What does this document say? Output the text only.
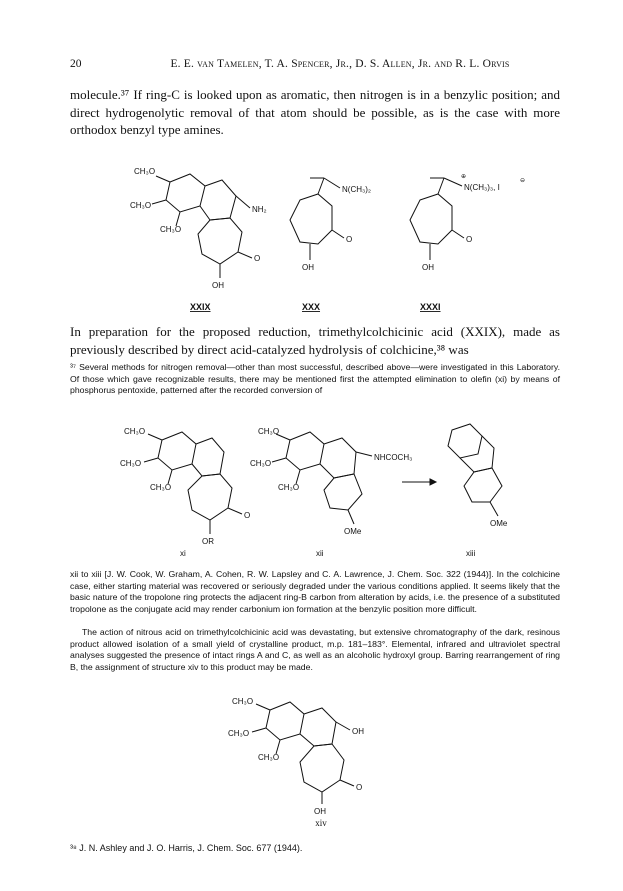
20	E. E. van Tamelen, T. A. Spencer, Jr., D. S. Allen, Jr. and R. L. Orvis
molecule.³⁷ If ring-C is looked upon as aromatic, then nitrogen is in a benzylic position; and direct hydrogenolytic removal of that atom should be possible, as is the case with more orthodox benzyl type amines.
CH₃O
CH₃O
CH₃O
NH₂
O
OH
N(CH₃)₂
O
OH
⊕
N(CH₃)₃, I
⊖
O
OH
XXIX	XXX	XXXI
In preparation for the proposed reduction, trimethylcolchicinic acid (XXIX), made as previously described by direct acid-catalyzed hydrolysis of colchicine,³⁸ was
³⁷ Several methods for nitrogen removal—other than most successful, described above—were investigated in this Laboratory. Of those which gave recognizable results, there may be mentioned first the attempted elimination to olefin (xi) by means of phosphorus pentoxide, patterned after the recorded conversion of
CH₃O
CH₃O
CH₃O
O
OR
CH₃O
CH₃O
CH₃O
NHCOCH₃
OMe
OMe
xi	xii	xiii
xii to xiii [J. W. Cook, W. Graham, A. Cohen, R. W. Lapsley and C. A. Lawrence, J. Chem. Soc. 322 (1944)]. In the colchicine case, either starting material was recovered or seriously degraded under the various conditions applied. It seems likely that the basic nature of the tropolone ring protects the adjacent ring-B carbon from alteration by acids, i.e. the presence of a substituted tropolone as the conjugate acid may render carbonium ion formation at the benzylic position more difficult.
The action of nitrous acid on trimethylcolchicinic acid was devastating, but extensive chromatography of the dark, resinous product allowed isolation of a small yield of crystalline product, m.p. 181–183°. Elemental, infrared and ultraviolet spectral analyses suggested the presence of intact rings A and C, as well as an alcoholic hydroxyl group. Barring rearrangement of ring B, the assignment of structure xiv to this product may be made.
CH₃O
CH₃O
CH₃O
OH
O
OH
xiv
³⁸ J. N. Ashley and J. O. Harris, J. Chem. Soc. 677 (1944).
